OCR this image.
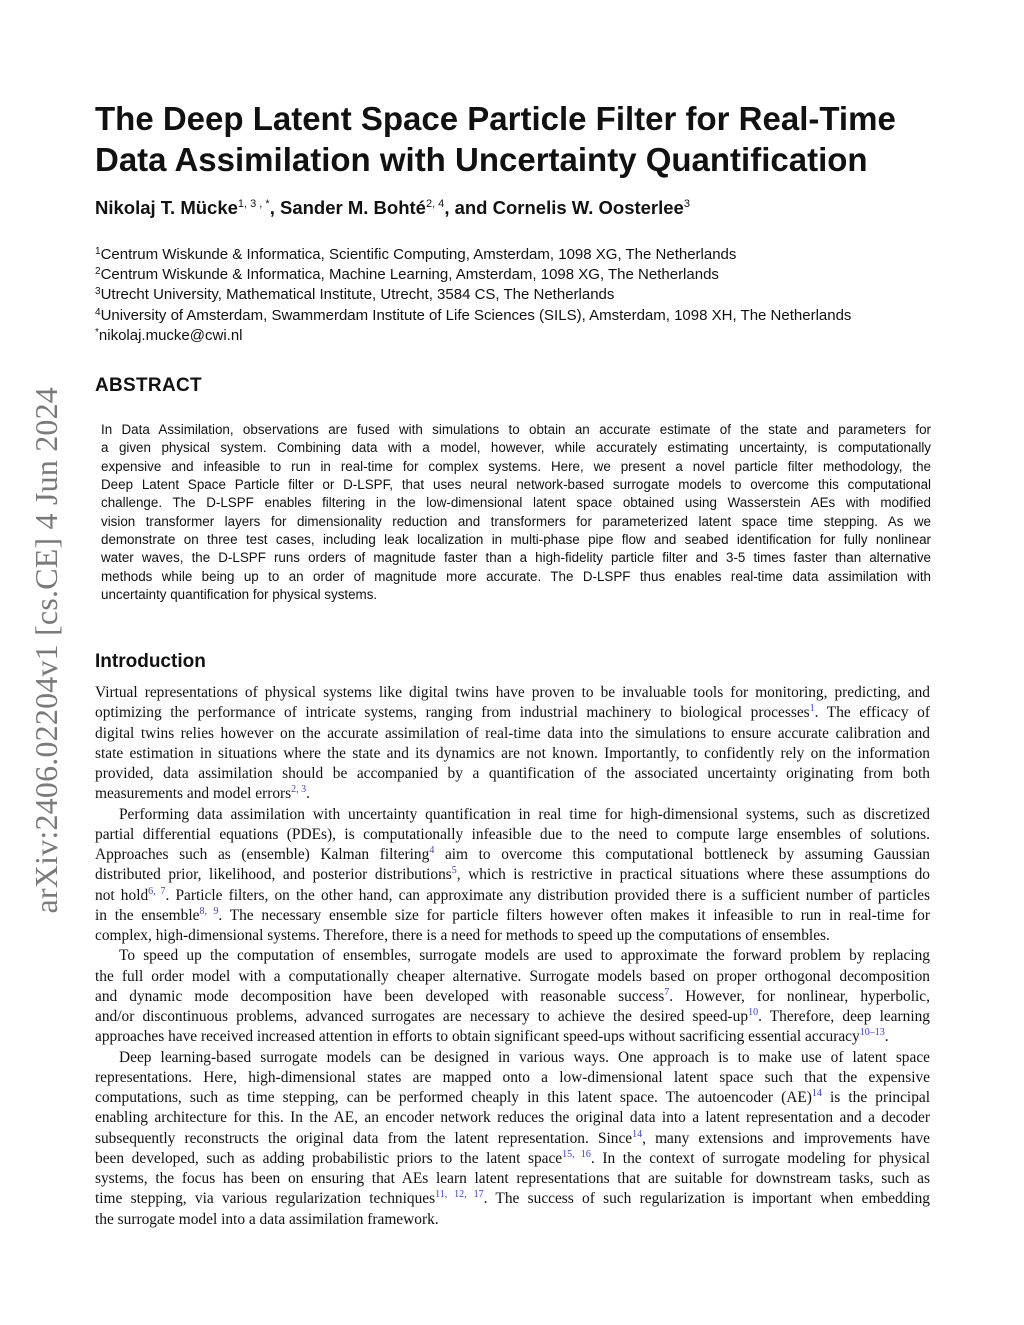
arXiv:2406.02204v1 [cs.CE] 4 Jun 2024
The Deep Latent Space Particle Filter for Real-Time
Data Assimilation with Uncertainty Quantification
Nikolaj T. Mücke$^{1, 3 , *}$, Sander M. Bohté$^{2, 4}$, and Cornelis W. Oosterlee$^3$
$^1$Centrum Wiskunde & Informatica, Scientific Computing, Amsterdam, 1098 XG, The Netherlands
$^2$Centrum Wiskunde & Informatica, Machine Learning, Amsterdam, 1098 XG, The Netherlands
$^3$Utrecht University, Mathematical Institute, Utrecht, 3584 CS, The Netherlands
$^4$University of Amsterdam, Swammerdam Institute of Life Sciences (SILS), Amsterdam, 1098 XH, The Netherlands
*nikolaj.mucke@cwi.nl
ABSTRACT

In Data Assimilation, observations are fused with simulations to obtain an accurate estimate of the state and parameters for
a given physical system. Combining data with a model, however, while accurately estimating uncertainty, is computationally
expensive and infeasible to run in real-time for complex systems. Here, we present a novel particle filter methodology, the
Deep Latent Space Particle filter or D-LSPF, that uses neural network-based surrogate models to overcome this computational
challenge. The D-LSPF enables filtering in the low-dimensional latent space obtained using Wasserstein AEs with modified
vision transformer layers for dimensionality reduction and transformers for parameterized latent space time stepping. As we
demonstrate on three test cases, including leak localization in multi-phase pipe flow and seabed identification for fully nonlinear
water waves, the D-LSPF runs orders of magnitude faster than a high-fidelity particle filter and 3-5 times faster than alternative
methods while being up to an order of magnitude more accurate. The D-LSPF thus enables real-time data assimilation with
uncertainty quantification for physical systems.

Introduction
Virtual representations of physical systems like digital twins have proven to be invaluable tools for monitoring, predicting, and
optimizing the performance of intricate systems, ranging from industrial machinery to biological processes$^1$. The efficacy of
digital twins relies however on the accurate assimilation of real-time data into the simulations to ensure accurate calibration and
state estimation in situations where the state and its dynamics are not known. Importantly, to confidently rely on the information
provided, data assimilation should be accompanied by a quantification of the associated uncertainty originating from both
measurements and model errors$^{2, 3}$.
Performing data assimilation with uncertainty quantification in real time for high-dimensional systems, such as discretized
partial differential equations (PDEs), is computationally infeasible due to the need to compute large ensembles of solutions.
Approaches such as (ensemble) Kalman filtering$^4$ aim to overcome this computational bottleneck by assuming Gaussian
distributed prior, likelihood, and posterior distributions$^5$, which is restrictive in practical situations where these assumptions do
not hold$^{6, 7}$. Particle filters, on the other hand, can approximate any distribution provided there is a sufficient number of particles
in the ensemble$^{8, 9}$. The necessary ensemble size for particle filters however often makes it infeasible to run in real-time for
complex, high-dimensional systems. Therefore, there is a need for methods to speed up the computations of ensembles.
To speed up the computation of ensembles, surrogate models are used to approximate the forward problem by replacing
the full order model with a computationally cheaper alternative. Surrogate models based on proper orthogonal decomposition
and dynamic mode decomposition have been developed with reasonable success$^7$. However, for nonlinear, hyperbolic,
and/or discontinuous problems, advanced surrogates are necessary to achieve the desired speed-up$^{10}$. Therefore, deep learning
approaches have received increased attention in efforts to obtain significant speed-ups without sacrificing essential accuracy$^{10-13}$.
Deep learning-based surrogate models can be designed in various ways. One approach is to make use of latent space
representations. Here, high-dimensional states are mapped onto a low-dimensional latent space such that the expensive
computations, such as time stepping, can be performed cheaply in this latent space. The autoencoder (AE)$^{14}$ is the principal
enabling architecture for this. In the AE, an encoder network reduces the original data into a latent representation and a decoder
subsequently reconstructs the original data from the latent representation. Since$^{14}$, many extensions and improvements have
been developed, such as adding probabilistic priors to the latent space$^{15, 16}$. In the context of surrogate modeling for physical
systems, the focus has been on ensuring that AEs learn latent representations that are suitable for downstream tasks, such as
time stepping, via various regularization techniques$^{11, 12, 17}$. The success of such regularization is important when embedding
the surrogate model into a data assimilation framework.
